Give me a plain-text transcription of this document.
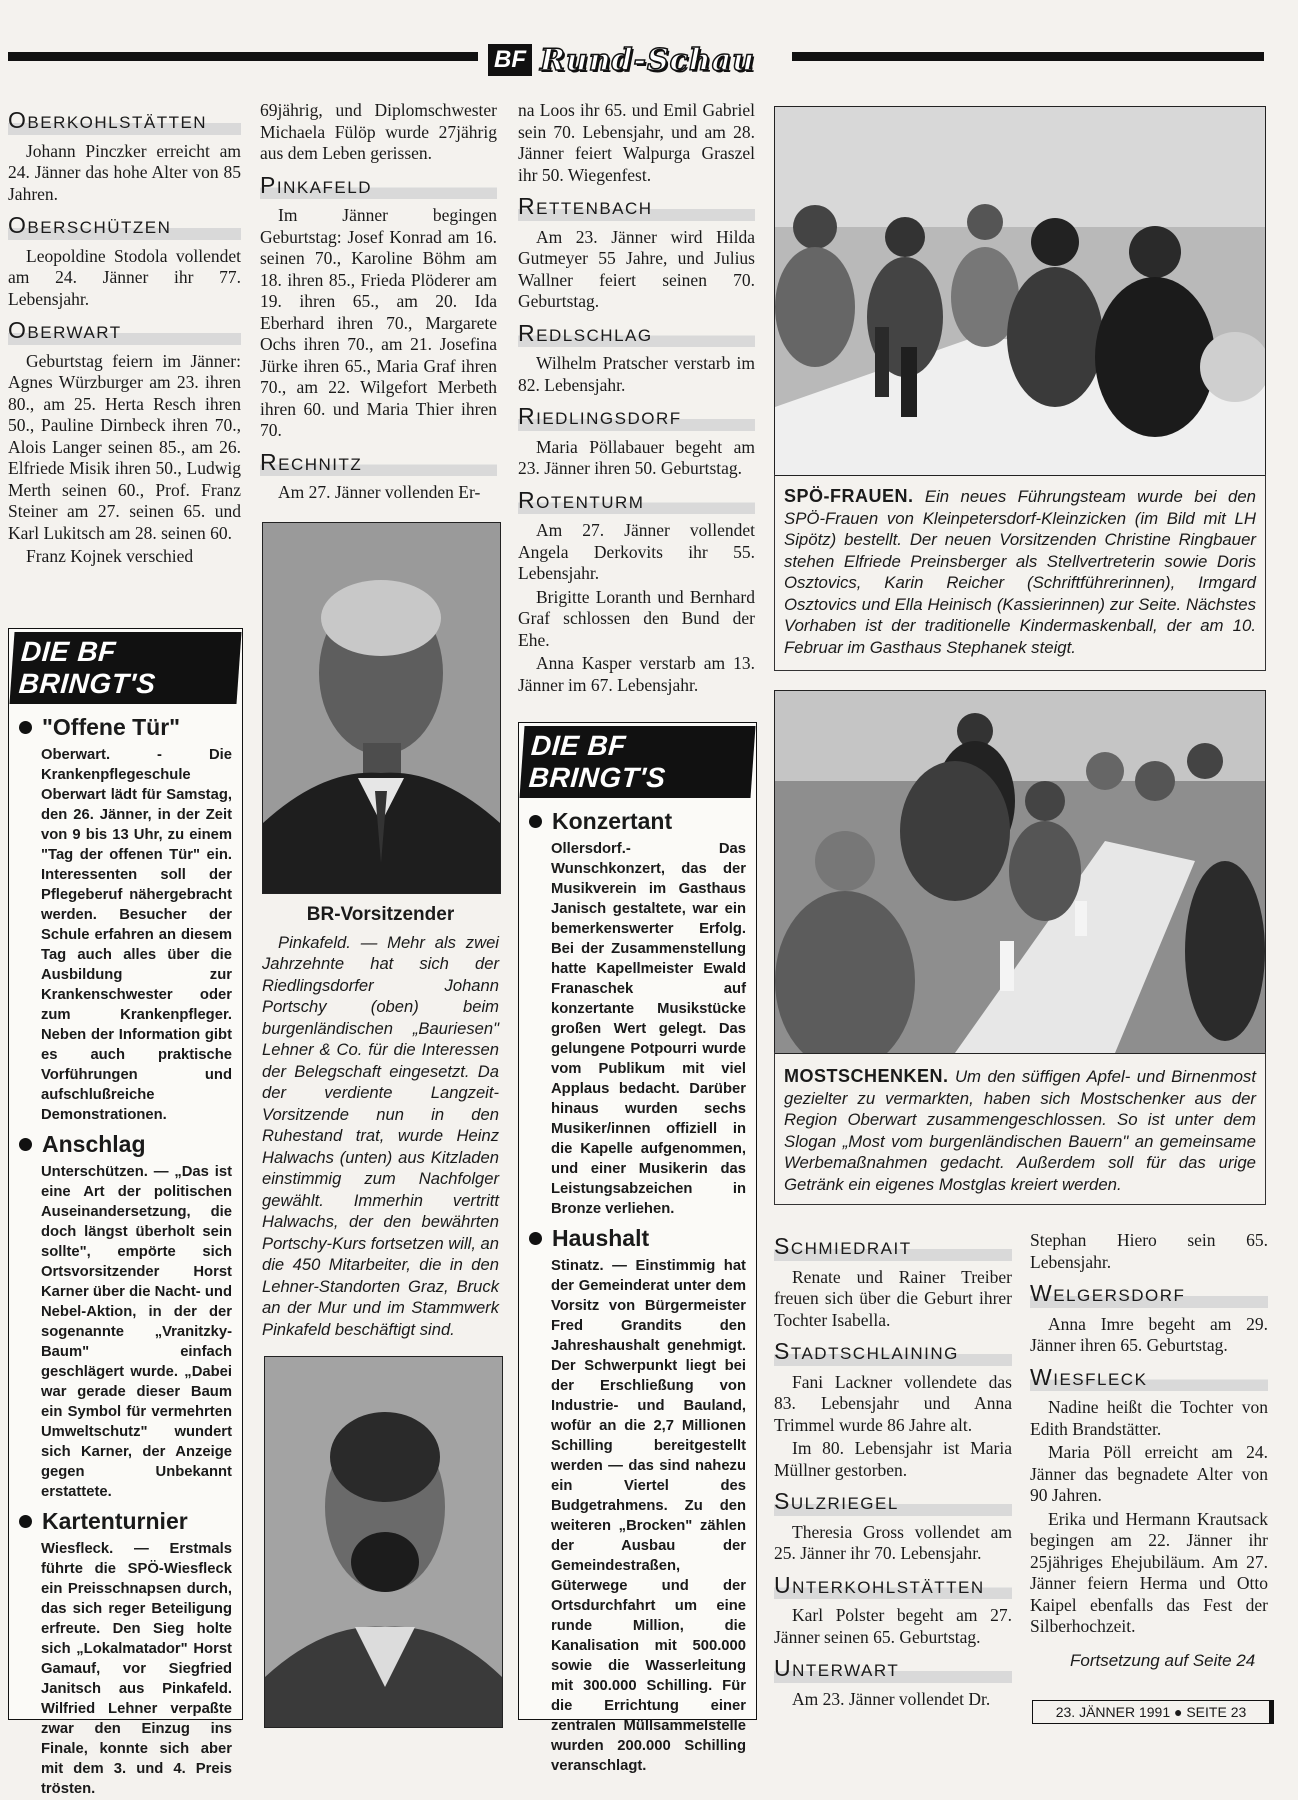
BF Rund-Schau
OBERKOHLSTÄTTEN

Johann Pinczker erreicht am 24. Jänner das hohe Alter von 85 Jahren.

OBERSCHÜTZEN

Leopoldine Stodola vollendet am 24. Jänner ihr 77. Lebensjahr.

OBERWART

Geburtstag feiern im Jänner: Agnes Würzburger am 23. ihren 80., am 25. Herta Resch ihren 50., Pauline Dirnbeck ihren 70., Alois Langer seinen 85., am 26. Elfriede Misik ihren 50., Ludwig Merth seinen 60., Prof. Franz Steiner am 27. seinen 65. und Karl Lukitsch am 28. seinen 60.

Franz Kojnek verschied

DIE BF BRINGT'S
"Offene Tür"
Oberwart. - Die Krankenpflegeschule Oberwart lädt für Samstag, den 26. Jänner, in der Zeit von 9 bis 13 Uhr, zu einem "Tag der offenen Tür" ein. Interessenten soll der Pflegeberuf nähergebracht werden. Besucher der Schule erfahren an diesem Tag auch alles über die Ausbildung zur Krankenschwester oder zum Krankenpfleger. Neben der Information gibt es auch praktische Vorführungen und aufschlußreiche Demonstrationen.
Anschlag
Unterschützen. — „Das ist eine Art der politischen Auseinandersetzung, die doch längst überholt sein sollte", empörte sich Ortsvorsitzender Horst Karner über die Nacht- und Nebel-Aktion, in der der sogenannte „Vranitzky-Baum" einfach geschlägert wurde. „Dabei war gerade dieser Baum ein Symbol für vermehrten Umweltschutz" wundert sich Karner, der Anzeige gegen Unbekannt erstattete.
Kartenturnier
Wiesfleck. — Erstmals führte die SPÖ-Wiesfleck ein Preisschnapsen durch, das sich reger Beteiligung erfreute. Den Sieg holte sich „Lokalmatador" Horst Gamauf, vor Siegfried Janitsch aus Pinkafeld. Wilfried Lehner verpaßte zwar den Einzug ins Finale, konnte sich aber mit dem 3. und 4. Preis trösten.

69jährig, und Diplomschwester Michaela Fülöp wurde 27jährig aus dem Leben gerissen.

PINKAFELD

Im Jänner begingen Geburtstag: Josef Konrad am 16. seinen 70., Karoline Böhm am 18. ihren 85., Frieda Plöderer am 19. ihren 65., am 20. Ida Eberhard ihren 70., Margarete Ochs ihren 70., am 21. Josefina Jürke ihren 65., Maria Graf ihren 70., am 22. Wilgefort Merbeth ihren 60. und Maria Thier ihren 70.

RECHNITZ

Am 27. Jänner vollenden Er-

BR-Vorsitzender
Pinkafeld. — Mehr als zwei Jahrzehnte hat sich der Riedlingsdorfer Johann Portschy (oben) beim burgenländischen „Bauriesen" Lehner & Co. für die Interessen der Belegschaft eingesetzt. Da der verdiente Langzeit-Vorsitzende nun in den Ruhestand trat, wurde Heinz Halwachs (unten) aus Kitzladen einstimmig zum Nachfolger gewählt. Immerhin vertritt Halwachs, der den bewährten Portschy-Kurs fortsetzen will, an die 450 Mitarbeiter, die in den Lehner-Standorten Graz, Bruck an der Mur und im Stammwerk Pinkafeld beschäftigt sind.

na Loos ihr 65. und Emil Gabriel sein 70. Lebensjahr, und am 28. Jänner feiert Walpurga Graszel ihr 50. Wiegenfest.

RETTENBACH

Am 23. Jänner wird Hilda Gutmeyer 55 Jahre, und Julius Wallner feiert seinen 70. Geburtstag.

REDLSCHLAG

Wilhelm Pratscher verstarb im 82. Lebensjahr.

RIEDLINGSDORF

Maria Pöllabauer begeht am 23. Jänner ihren 50. Geburtstag.

ROTENTURM

Am 27. Jänner vollendet Angela Derkovits ihr 55. Lebensjahr.

Brigitte Loranth und Bernhard Graf schlossen den Bund der Ehe.

Anna Kasper verstarb am 13. Jänner im 67. Lebensjahr.

DIE BF BRINGT'S
Konzertant
Ollersdorf.- Das Wunschkonzert, das der Musikverein im Gasthaus Janisch gestaltete, war ein bemerkenswerter Erfolg. Bei der Zusammenstellung hatte Kapellmeister Ewald Franaschek auf konzertante Musikstücke großen Wert gelegt. Das gelungene Potpourri wurde vom Publikum mit viel Applaus bedacht. Darüber hinaus wurden sechs Musiker/innen offiziell in die Kapelle aufgenommen, und einer Musikerin das Leistungsabzeichen in Bronze verliehen.
Haushalt
Stinatz. — Einstimmig hat der Gemeinderat unter dem Vorsitz von Bürgermeister Fred Grandits den Jahreshaushalt genehmigt. Der Schwerpunkt liegt bei der Erschließung von Industrie- und Bauland, wofür an die 2,7 Millionen Schilling bereitgestellt werden — das sind nahezu ein Viertel des Budgetrahmens. Zu den weiteren „Brocken" zählen der Ausbau der Gemeindestraßen, Güterwege und der Ortsdurchfahrt um eine runde Million, die Kanalisation mit 500.000 sowie die Wasserleitung mit 300.000 Schilling. Für die Errichtung einer zentralen Müllsammelstelle wurden 200.000 Schilling veranschlagt.
SPÖ-FRAUEN. Ein neues Führungsteam wurde bei den SPÖ-Frauen von Kleinpetersdorf-Kleinzicken (im Bild mit LH Sipötz) bestellt. Der neuen Vorsitzenden Christine Ringbauer stehen Elfriede Preinsberger als Stellvertreterin sowie Doris Osztovics, Karin Reicher (Schriftführerinnen), Irmgard Osztovics und Ella Heinisch (Kassierinnen) zur Seite. Nächstes Vorhaben ist der traditionelle Kindermaskenball, der am 10. Februar im Gasthaus Stephanek steigt.
MOSTSCHENKEN. Um den süffigen Apfel- und Birnenmost gezielter zu vermarkten, haben sich Mostschenker aus der Region Oberwart zusammengeschlossen. So ist unter dem Slogan „Most vom burgenländischen Bauern" an gemeinsame Werbemaßnahmen gedacht. Außerdem soll für das urige Getränk ein eigenes Mostglas kreiert werden.
SCHMIEDRAIT

Renate und Rainer Treiber freuen sich über die Geburt ihrer Tochter Isabella.

STADTSCHLAINING

Fani Lackner vollendete das 83. Lebensjahr und Anna Trimmel wurde 86 Jahre alt.

Im 80. Lebensjahr ist Maria Müllner gestorben.

SULZRIEGEL

Theresia Gross vollendet am 25. Jänner ihr 70. Lebensjahr.

UNTERKOHLSTÄTTEN

Karl Polster begeht am 27. Jänner seinen 65. Geburtstag.

UNTERWART

Am 23. Jänner vollendet Dr.

Stephan Hiero sein 65. Lebensjahr.

WELGERSDORF

Anna Imre begeht am 29. Jänner ihren 65. Geburtstag.

WIESFLECK

Nadine heißt die Tochter von Edith Brandstätter.

Maria Pöll erreicht am 24. Jänner das begnadete Alter von 90 Jahren.

Erika und Hermann Krautsack begingen am 22. Jänner ihr 25jähriges Ehejubiläum. Am 27. Jänner feiern Herma und Otto Kaipel ebenfalls das Fest der Silberhochzeit.

Fortsetzung auf Seite 24
23. JÄNNER 1991 ● SEITE 23
